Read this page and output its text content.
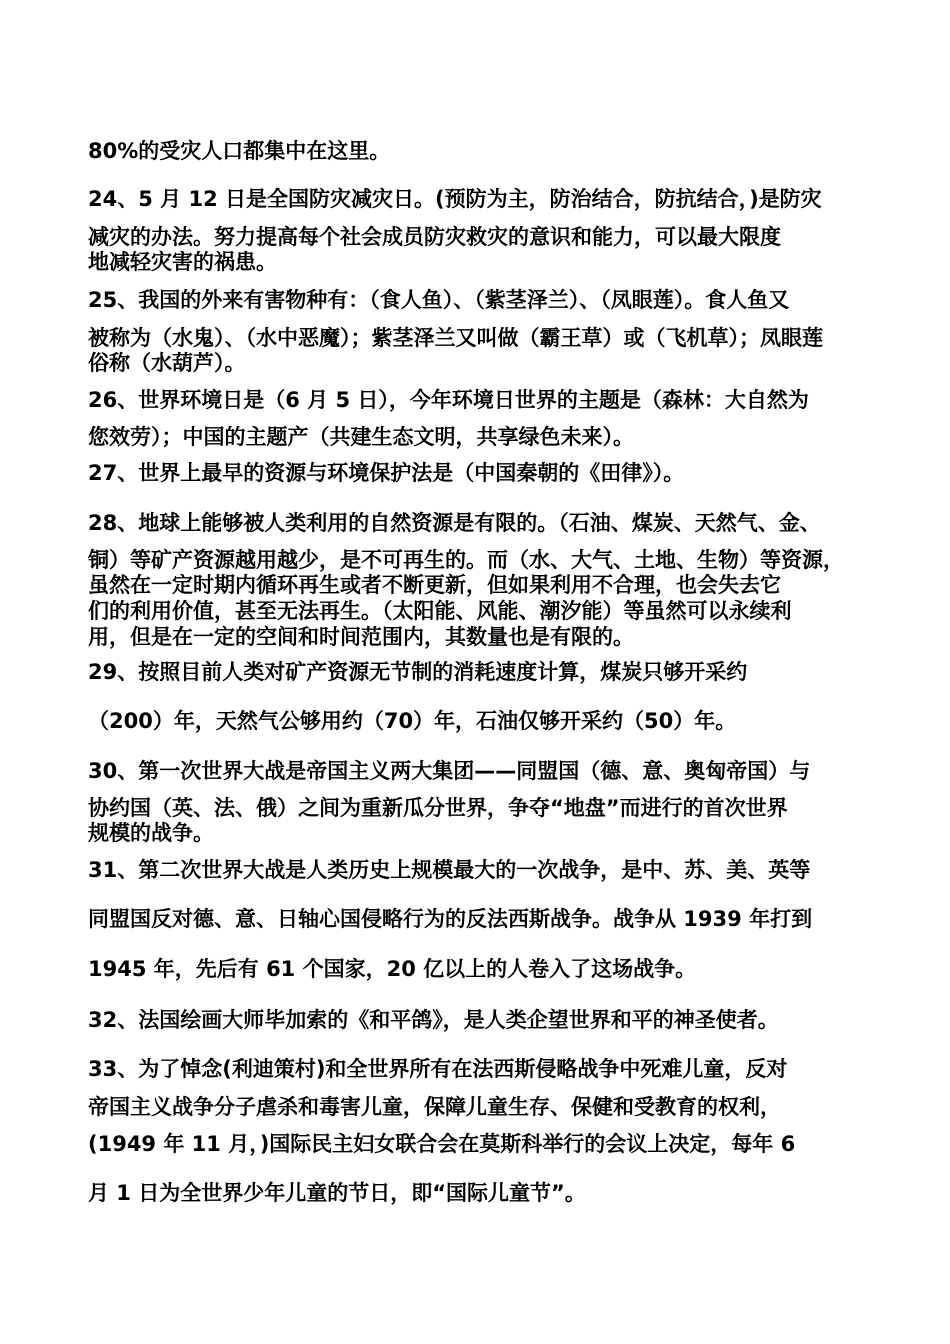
80%的受灾人口都集中在这里。

24、5 月 12 日是全国防灾减灾日。(预防为主，防治结合，防抗结合，)是防灾

减灾的办法。努力提高每个社会成员防灾救灾的意识和能力，可以最大限度

地减轻灾害的祸患。

25、我国的外来有害物种有：（食人鱼）、（紫茎泽兰）、（凤眼莲）。食人鱼又

被称为（水鬼）、（水中恶魔）；紫茎泽兰又叫做（霸王草）或（飞机草）；凤眼莲

俗称（水葫芦）。

26、世界环境日是（6 月 5 日），今年环境日世界的主题是（森林：大自然为

您效劳）；中国的主题产（共建生态文明，共享绿色未来）。

27、世界上最早的资源与环境保护法是（中国秦朝的《田律》）。

28、地球上能够被人类利用的自然资源是有限的。（石油、煤炭、天然气、金、

铜）等矿产资源越用越少，是不可再生的。而（水、大气、土地、生物）等资源，

虽然在一定时期内循环再生或者不断更新，但如果利用不合理，也会失去它

们的利用价值，甚至无法再生。（太阳能、风能、潮汐能）等虽然可以永续利

用，但是在一定的空间和时间范围内，其数量也是有限的。

29、按照目前人类对矿产资源无节制的消耗速度计算，煤炭只够开采约

（200）年，天然气公够用约（70）年，石油仅够开采约（50）年。

30、第一次世界大战是帝国主义两大集团——同盟国（德、意、奥匈帝国）与

协约国（英、法、俄）之间为重新瓜分世界，争夺“地盘”而进行的首次世界

规模的战争。

31、第二次世界大战是人类历史上规模最大的一次战争，是中、苏、美、英等

同盟国反对德、意、日轴心国侵略行为的反法西斯战争。战争从 1939 年打到

1945 年，先后有 61 个国家，20 亿以上的人卷入了这场战争。

32、法国绘画大师毕加索的《和平鸽》，是人类企望世界和平的神圣使者。

33、为了悼念(利迪策村)和全世界所有在法西斯侵略战争中死难儿童，反对

帝国主义战争分子虐杀和毒害儿童，保障儿童生存、保健和受教育的权利，

(1949 年 11 月，)国际民主妇女联合会在莫斯科举行的会议上决定，每年 6

月 1 日为全世界少年儿童的节日，即“国际儿童节”。
